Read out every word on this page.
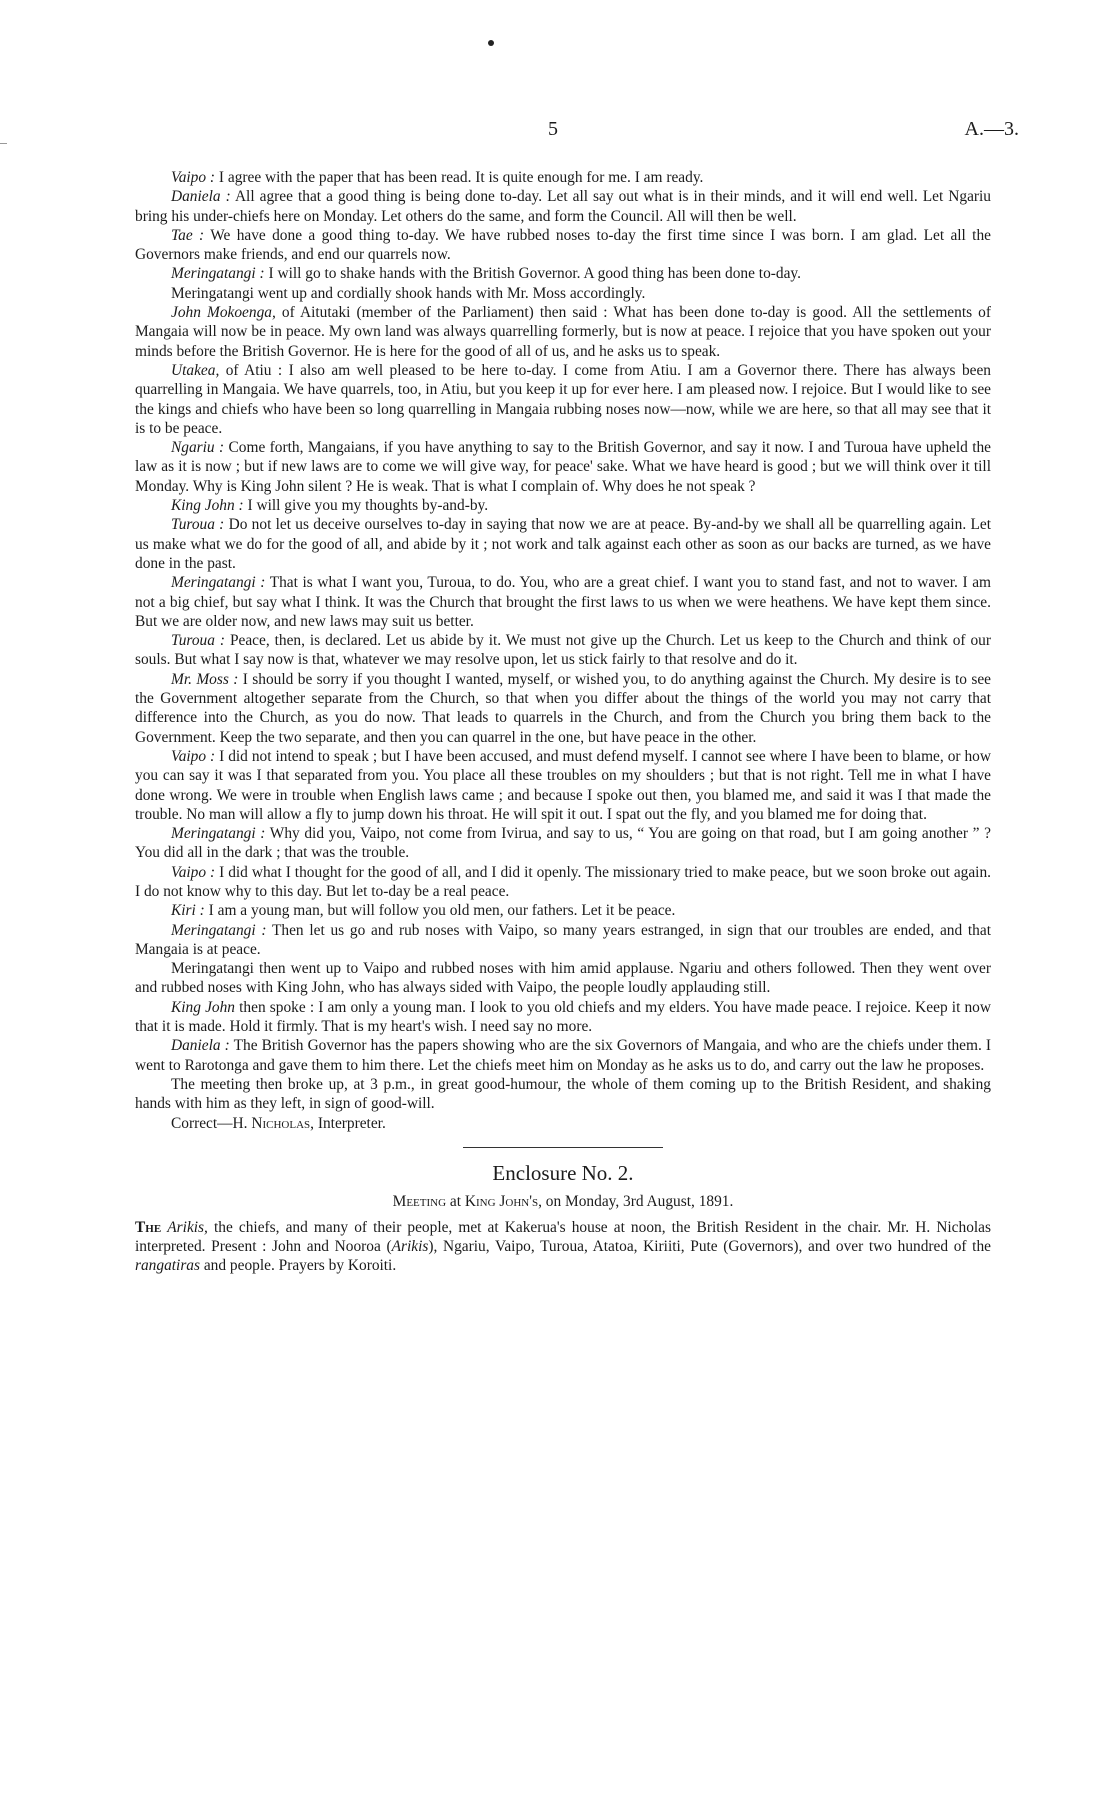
5	A.—3.

Vaipo : I agree with the paper that has been read. It is quite enough for me. I am ready.

Daniela : All agree that a good thing is being done to-day. Let all say out what is in their minds, and it will end well. Let Ngariu bring his under-chiefs here on Monday. Let others do the same, and form the Council. All will then be well.

Tae : We have done a good thing to-day. We have rubbed noses to-day the first time since I was born. I am glad. Let all the Governors make friends, and end our quarrels now.

Meringatangi : I will go to shake hands with the British Governor. A good thing has been done to-day.

Meringatangi went up and cordially shook hands with Mr. Moss accordingly.

John Mokoenga, of Aitutaki (member of the Parliament) then said : What has been done to-day is good. All the settlements of Mangaia will now be in peace. My own land was always quarrelling formerly, but is now at peace. I rejoice that you have spoken out your minds before the British Governor. He is here for the good of all of us, and he asks us to speak.

Utakea, of Atiu : I also am well pleased to be here to-day. I come from Atiu. I am a Governor there. There has always been quarrelling in Mangaia. We have quarrels, too, in Atiu, but you keep it up for ever here. I am pleased now. I rejoice. But I would like to see the kings and chiefs who have been so long quarrelling in Mangaia rubbing noses now—now, while we are here, so that all may see that it is to be peace.

Ngariu : Come forth, Mangaians, if you have anything to say to the British Governor, and say it now. I and Turoua have upheld the law as it is now ; but if new laws are to come we will give way, for peace' sake. What we have heard is good ; but we will think over it till Monday. Why is King John silent ? He is weak. That is what I complain of. Why does he not speak ?

King John : I will give you my thoughts by-and-by.

Turoua : Do not let us deceive ourselves to-day in saying that now we are at peace. By-and-by we shall all be quarrelling again. Let us make what we do for the good of all, and abide by it ; not work and talk against each other as soon as our backs are turned, as we have done in the past.

Meringatangi : That is what I want you, Turoua, to do. You, who are a great chief. I want you to stand fast, and not to waver. I am not a big chief, but say what I think. It was the Church that brought the first laws to us when we were heathens. We have kept them since. But we are older now, and new laws may suit us better.

Turoua : Peace, then, is declared. Let us abide by it. We must not give up the Church. Let us keep to the Church and think of our souls. But what I say now is that, whatever we may resolve upon, let us stick fairly to that resolve and do it.

Mr. Moss : I should be sorry if you thought I wanted, myself, or wished you, to do anything against the Church. My desire is to see the Government altogether separate from the Church, so that when you differ about the things of the world you may not carry that difference into the Church, as you do now. That leads to quarrels in the Church, and from the Church you bring them back to the Government. Keep the two separate, and then you can quarrel in the one, but have peace in the other.

Vaipo : I did not intend to speak ; but I have been accused, and must defend myself. I cannot see where I have been to blame, or how you can say it was I that separated from you. You place all these troubles on my shoulders ; but that is not right. Tell me in what I have done wrong. We were in trouble when English laws came ; and because I spoke out then, you blamed me, and said it was I that made the trouble. No man will allow a fly to jump down his throat. He will spit it out. I spat out the fly, and you blamed me for doing that.

Meringatangi : Why did you, Vaipo, not come from Ivirua, and say to us, “ You are going on that road, but I am going another ” ? You did all in the dark ; that was the trouble.

Vaipo : I did what I thought for the good of all, and I did it openly. The missionary tried to make peace, but we soon broke out again. I do not know why to this day. But let to-day be a real peace.

Kiri : I am a young man, but will follow you old men, our fathers. Let it be peace.

Meringatangi : Then let us go and rub noses with Vaipo, so many years estranged, in sign that our troubles are ended, and that Mangaia is at peace.

Meringatangi then went up to Vaipo and rubbed noses with him amid applause. Ngariu and others followed. Then they went over and rubbed noses with King John, who has always sided with Vaipo, the people loudly applauding still.

King John then spoke : I am only a young man. I look to you old chiefs and my elders. You have made peace. I rejoice. Keep it now that it is made. Hold it firmly. That is my heart's wish. I need say no more.

Daniela : The British Governor has the papers showing who are the six Governors of Mangaia, and who are the chiefs under them. I went to Rarotonga and gave them to him there. Let the chiefs meet him on Monday as he asks us to do, and carry out the law he proposes.

The meeting then broke up, at 3 p.m., in great good-humour, the whole of them coming up to the British Resident, and shaking hands with him as they left, in sign of good-will.

Correct—H. Nicholas, Interpreter.

Enclosure No. 2.

Meeting at King John's, on Monday, 3rd August, 1891.

The Arikis, the chiefs, and many of their people, met at Kakerua's house at noon, the British Resident in the chair. Mr. H. Nicholas interpreted. Present : John and Nooroa (Arikis), Ngariu, Vaipo, Turoua, Atatoa, Kiriiti, Pute (Governors), and over two hundred of the rangatiras and people. Prayers by Koroiti.
